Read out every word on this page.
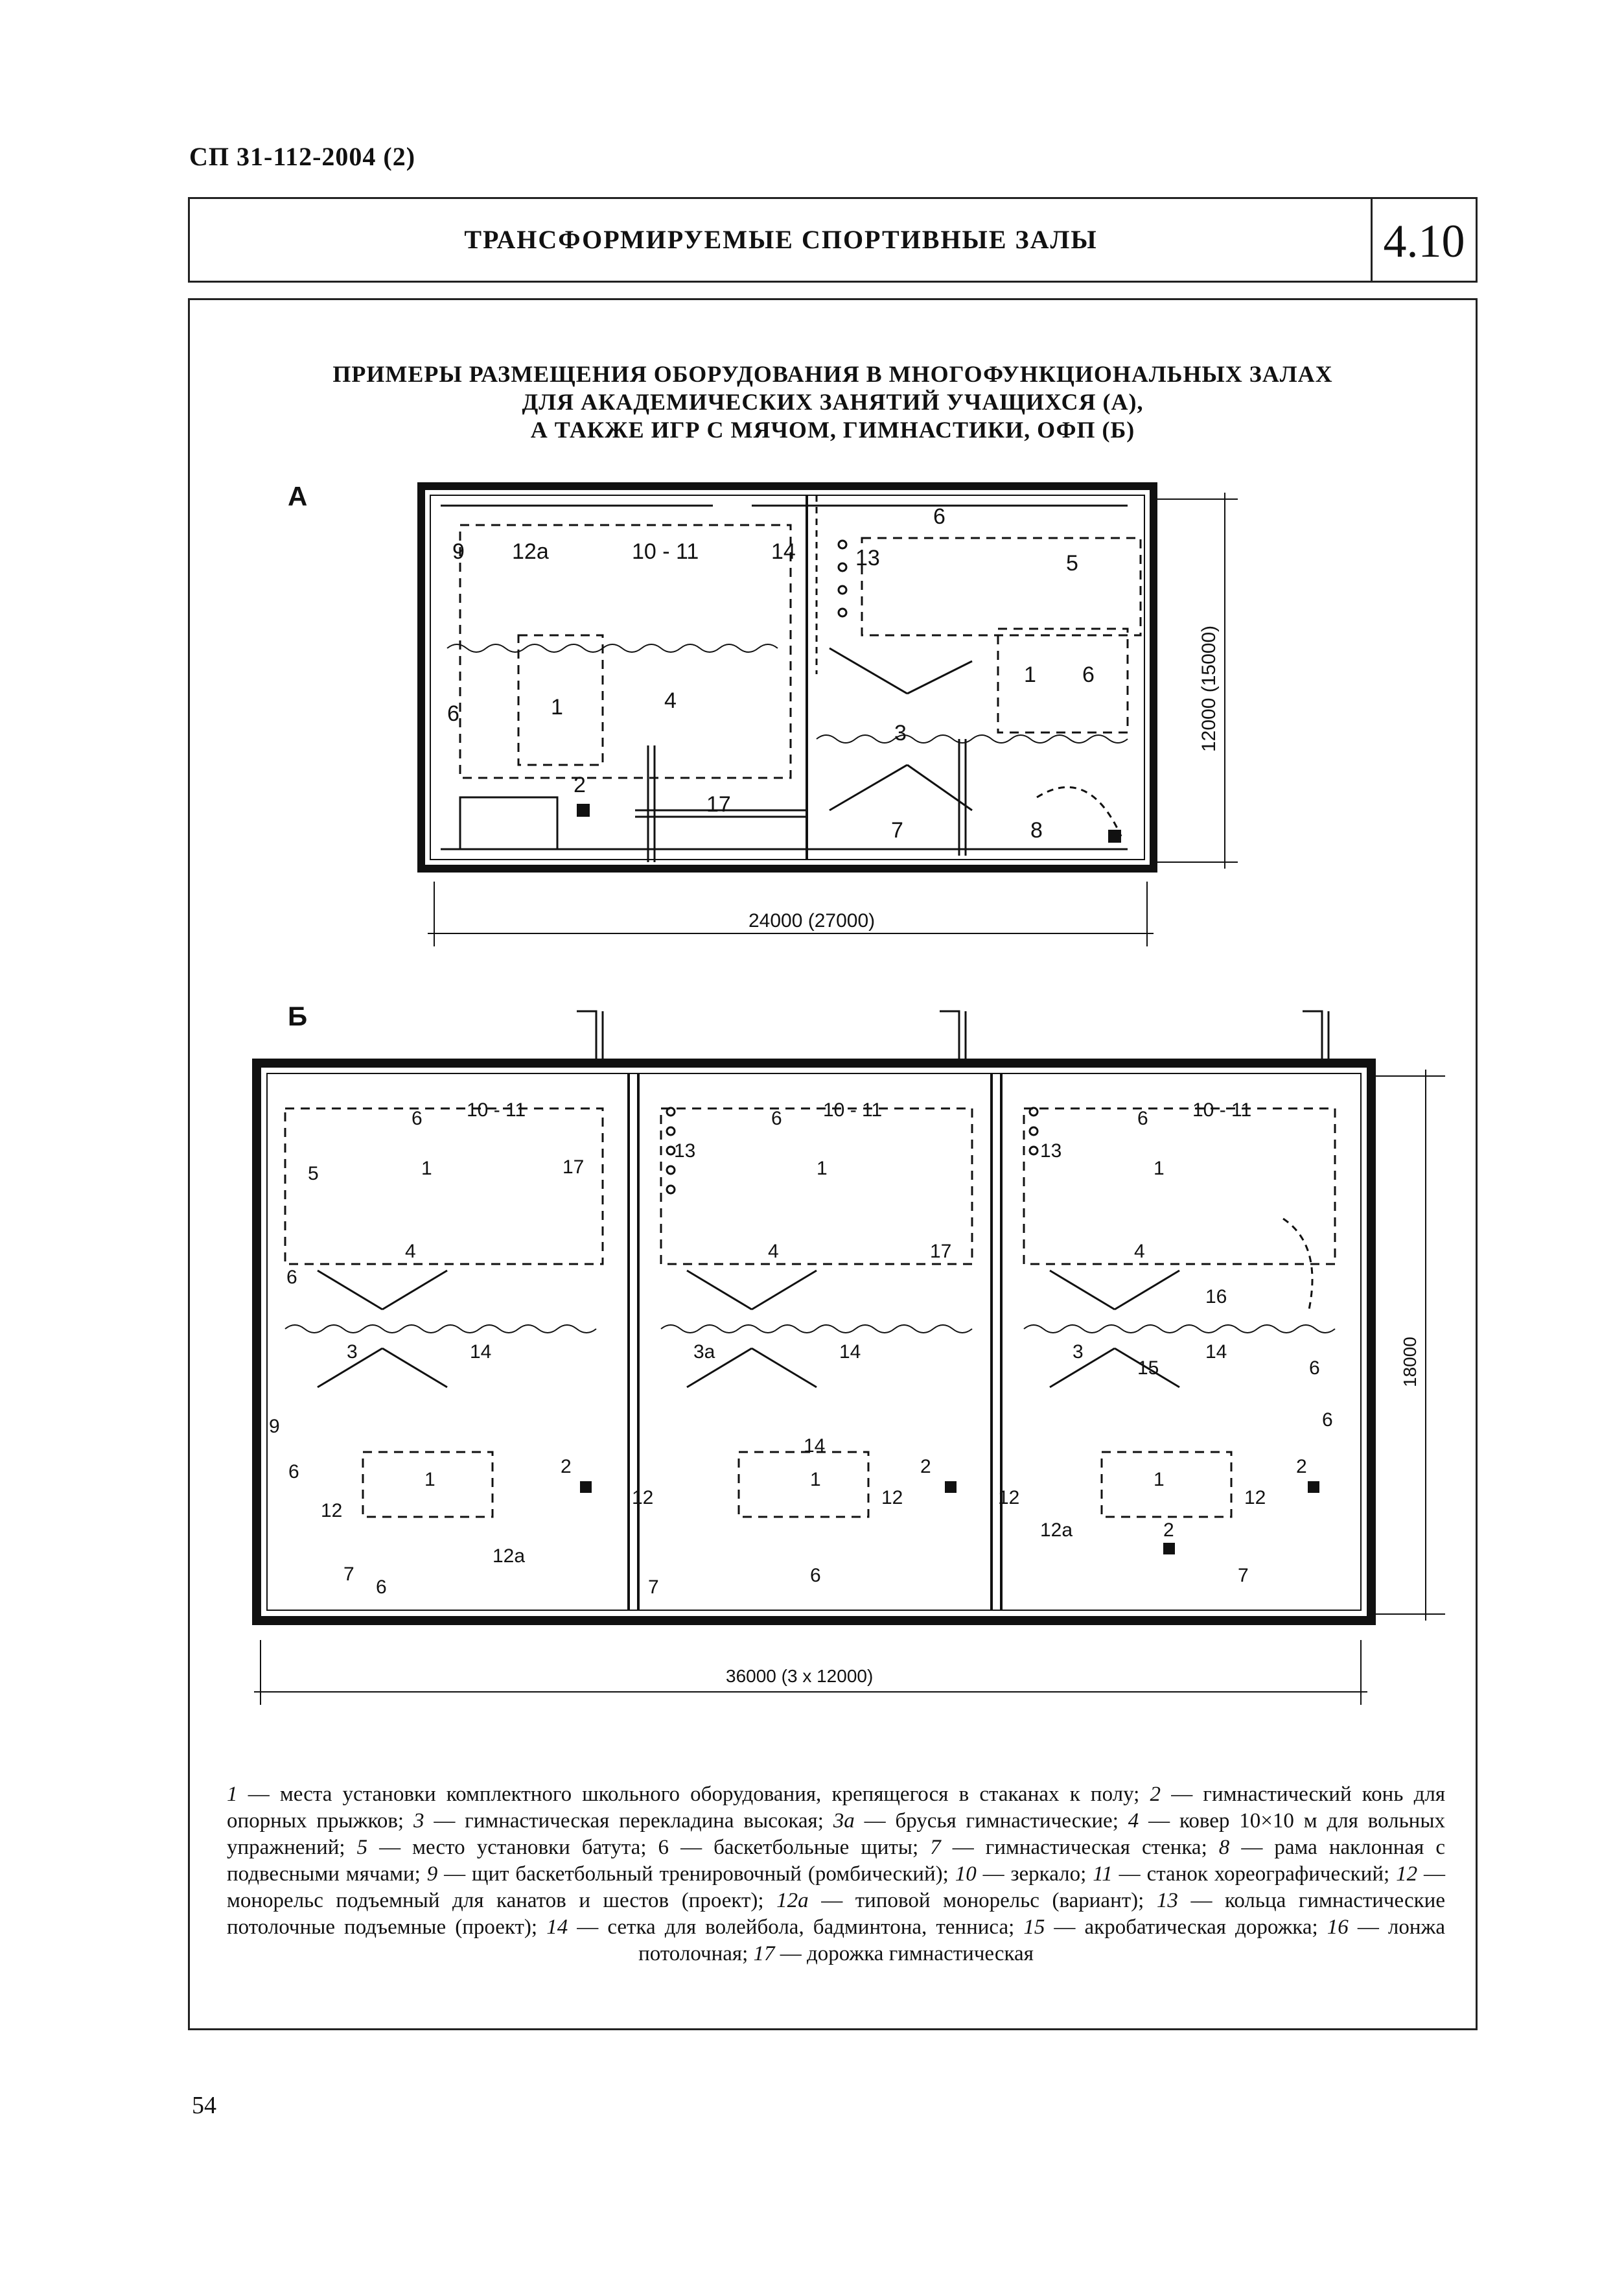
СП 31-112-2004 (2)
ТРАНСФОРМИРУЕМЫЕ СПОРТИВНЫЕ ЗАЛЫ	4.10
ПРИМЕРЫ РАЗМЕЩЕНИЯ ОБОРУДОВАНИЯ В МНОГОФУНКЦИОНАЛЬНЫХ ЗАЛАХ
ДЛЯ АКАДЕМИЧЕСКИХ ЗАНЯТИЙ УЧАЩИХСЯ (А),
А ТАКЖЕ ИГР С МЯЧОМ, ГИМНАСТИКИ, ОФП (Б)
А
Б
9 12а	10 - 11	14	13
6
5
1 6
4
6	1
3
2
17
7	8
24000 (27000)
12000 (15000)
6 10 - 11
5	1	17
4
6
3	14
9
6	1
12
2
12а
7
6
13
6 10 - 11
1
4	17
3а	14
14
1
12
2
12
7
6
13
6 10 - 11
1
4
16
3
15
14
6
6
1
12
2
12а
2
12
7
36000 (3 х 12000)
18000
1 — места установки комплектного школьного оборудования, крепящегося в стаканах к полу; 2 — гимнастический конь для опорных прыжков; 3 — гимнастическая перекладина высокая; 3а — брусья гимнастические; 4 — ковер 10×10 м для вольных упражнений; 5 — место установки батута; 6 — баскетбольные щиты; 7 — гимнастическая стенка; 8 — рама наклонная с подвесными мячами; 9 — щит баскетбольный тренировочный (ромбический); 10 — зеркало; 11 — станок хореографический; 12 — монорельс подъемный для канатов и шестов (проект); 12а — типовой монорельс (вариант); 13 — кольца гимнастические потолочные подъемные (проект); 14 — сетка для волейбола, бадминтона, тенниса; 15 — акробатическая дорожка; 16 — лонжа потолочная; 17 — дорожка гимнастическая
54
